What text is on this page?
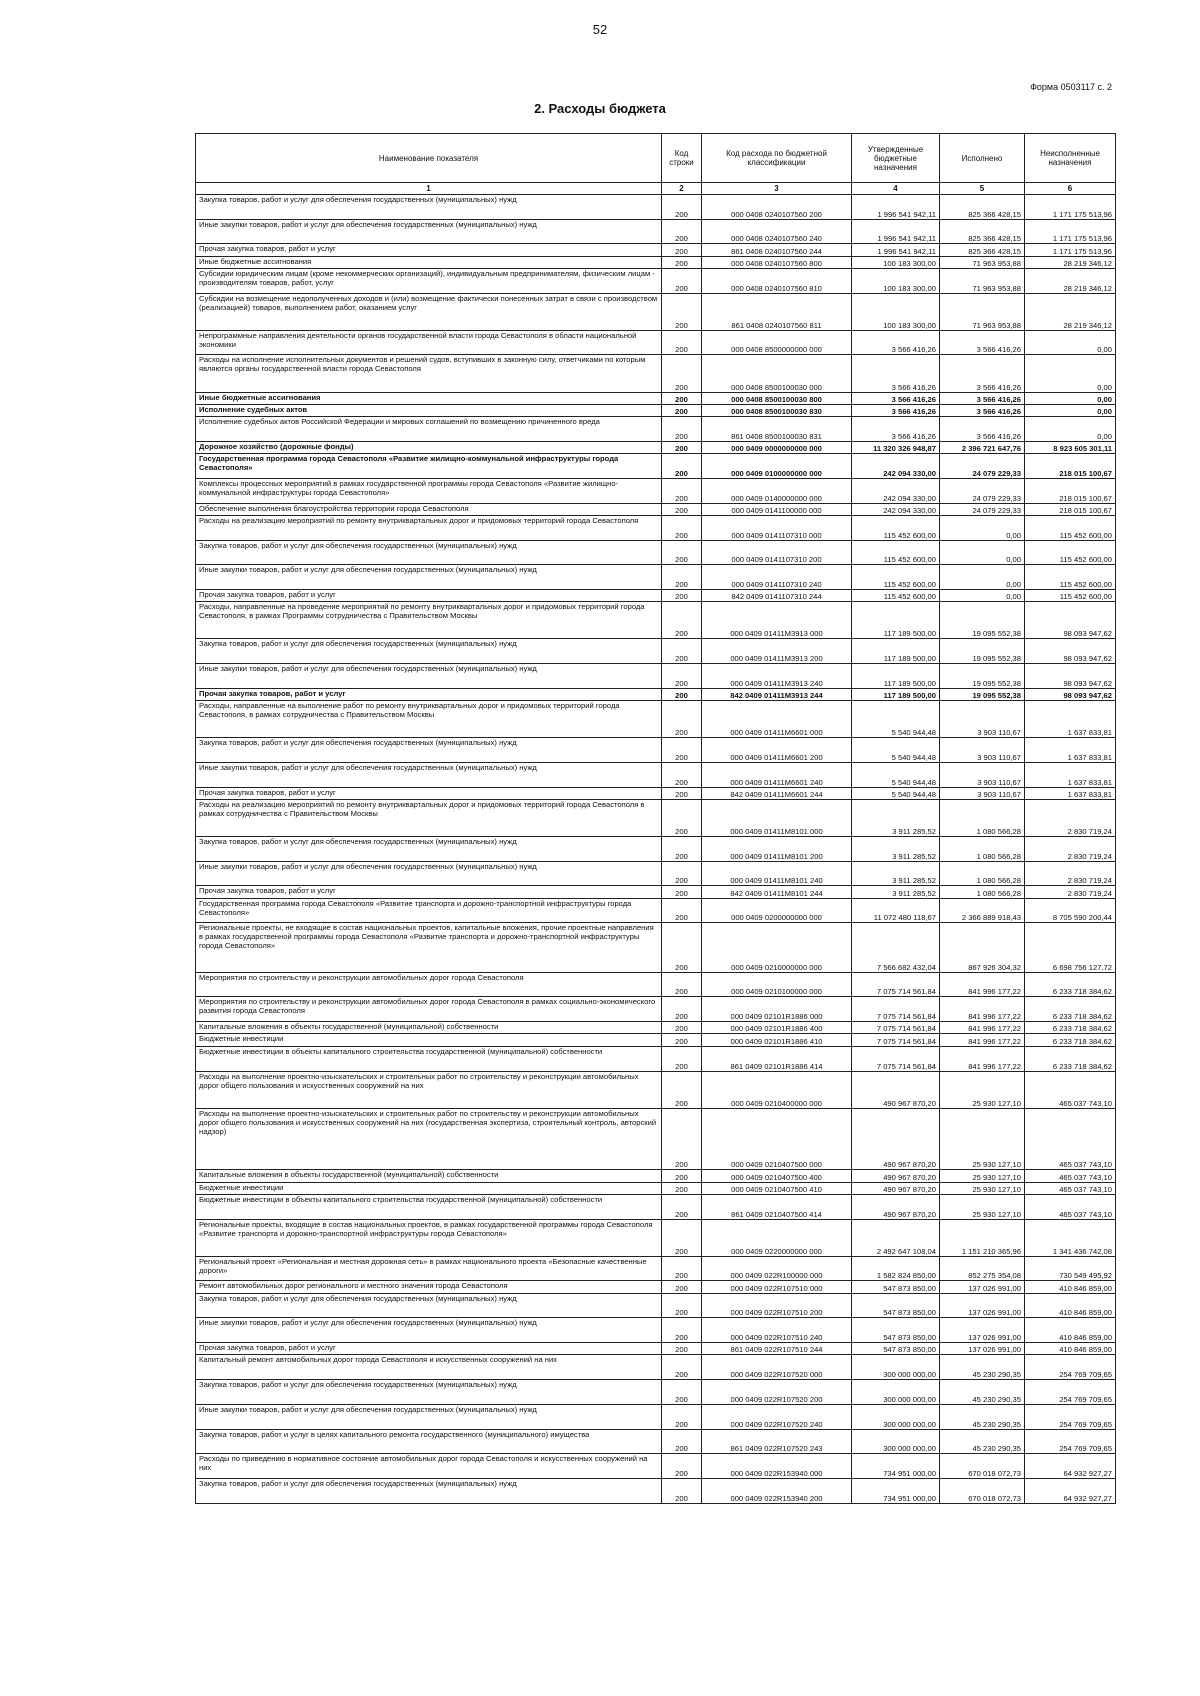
52
Форма 0503117 с. 2
2. Расходы бюджета
Наименование показателя	Код строки	Код расхода по бюджетной классификации	Утвержденные бюджетные назначения	Исполнено	Неисполненные назначения
1	2	3	4	5	6
Закупка товаров, работ и услуг для обеспечения государственных (муниципальных) нужд	200	000 0408 0240107560 200	1 996 541 942,11	825 366 428,15	1 171 175 513,96
Иные закупки товаров, работ и услуг для обеспечения государственных (муниципальных) нужд	200	000 0408 0240107560 240	1 996 541 942,11	825 366 428,15	1 171 175 513,96
Прочая закупка товаров, работ и услуг	200	861 0408 0240107560 244	1 996 541 942,11	825 366 428,15	1 171 175 513,96
Иные бюджетные ассигнования	200	000 0408 0240107560 800	100 183 300,00	71 963 953,88	28 219 346,12
Субсидии юридическим лицам (кроме некоммерческих организаций), индивидуальным предпринимателям, физическим лицам - производителям товаров, работ, услуг	200	000 0408 0240107560 810	100 183 300,00	71 963 953,88	28 219 346,12
Субсидии на возмещение недополученных доходов и (или) возмещение фактически понесенных затрат в связи с производством (реализацией) товаров, выполнением работ, оказанием услуг	200	861 0408 0240107560 811	100 183 300,00	71 963 953,88	28 219 346,12
Непрограммные направления деятельности органов государственной власти города Севастополя в области национальной экономики	200	000 0408 8500000000 000	3 566 416,26	3 566 416,26	0,00
Расходы на исполнение исполнительных документов и решений судов, вступивших в законную силу, ответчиками по которым являются органы государственной власти города Севастополя	200	000 0408 8500100030 000	3 566 416,26	3 566 416,26	0,00
Иные бюджетные ассигнования	200	000 0408 8500100030 800	3 566 416,26	3 566 416,26	0,00
Исполнение судебных актов	200	000 0408 8500100030 830	3 566 416,26	3 566 416,26	0,00
Исполнение судебных актов Российской Федерации и мировых соглашений по возмещению причиненного вреда	200	861 0408 8500100030 831	3 566 416,26	3 566 416,26	0,00
Дорожное хозяйство (дорожные фонды)	200	000 0409 0000000000 000	11 320 326 948,87	2 396 721 647,76	8 923 605 301,11
Государственная программа города Севастополя «Развитие жилищно-коммунальной инфраструктуры города Севастополя»	200	000 0409 0100000000 000	242 094 330,00	24 079 229,33	218 015 100,67
Комплексы процессных мероприятий в рамках государственной программы города Севастополя «Развитие жилищно-коммунальной инфраструктуры города Севастополя»	200	000 0409 0140000000 000	242 094 330,00	24 079 229,33	218 015 100,67
Обеспечение выполнения благоустройства территории города Севастополя	200	000 0409 0141100000 000	242 094 330,00	24 079 229,33	218 015 100,67
Расходы на реализацию мероприятий по ремонту внутриквартальных дорог и придомовых территорий города Севастополя	200	000 0409 0141107310 000	115 452 600,00	0,00	115 452 600,00
Закупка товаров, работ и услуг для обеспечения государственных (муниципальных) нужд	200	000 0409 0141107310 200	115 452 600,00	0,00	115 452 600,00
Иные закупки товаров, работ и услуг для обеспечения государственных (муниципальных) нужд	200	000 0409 0141107310 240	115 452 600,00	0,00	115 452 600,00
Прочая закупка товаров, работ и услуг	200	842 0409 0141107310 244	115 452 600,00	0,00	115 452 600,00
Расходы, направленные на проведение мероприятий по ремонту внутриквартальных дорог и придомовых территорий города Севастополя, в рамках Программы сотрудничества с Правительством Москвы	200	000 0409 01411M3913 000	117 189 500,00	19 095 552,38	98 093 947,62
Закупка товаров, работ и услуг для обеспечения государственных (муниципальных) нужд	200	000 0409 01411M3913 200	117 189 500,00	19 095 552,38	98 093 947,62
Иные закупки товаров, работ и услуг для обеспечения государственных (муниципальных) нужд	200	000 0409 01411M3913 240	117 189 500,00	19 095 552,38	98 093 947,62
Прочая закупка товаров, работ и услуг	200	842 0409 01411M3913 244	117 189 500,00	19 095 552,38	98 093 947,62
Расходы, направленные на выполнение работ по ремонту внутриквартальных дорог и придомовых территорий города Севастополя, в рамках сотрудничества с Правительством Москвы	200	000 0409 01411M6601 000	5 540 944,48	3 903 110,67	1 637 833,81
Закупка товаров, работ и услуг для обеспечения государственных (муниципальных) нужд	200	000 0409 01411M6601 200	5 540 944,48	3 903 110,67	1 637 833,81
Иные закупки товаров, работ и услуг для обеспечения государственных (муниципальных) нужд	200	000 0409 01411M6601 240	5 540 944,48	3 903 110,67	1 637 833,81
Прочая закупка товаров, работ и услуг	200	842 0409 01411M6601 244	5 540 944,48	3 903 110,67	1 637 833,81
Расходы на реализацию мероприятий по ремонту внутриквартальных дорог и придомовых территорий города Севастополя в рамках сотрудничества с Правительством Москвы	200	000 0409 01411M8101 000	3 911 285,52	1 080 566,28	2 830 719,24
Закупка товаров, работ и услуг для обеспечения государственных (муниципальных) нужд	200	000 0409 01411M8101 200	3 911 285,52	1 080 566,28	2 830 719,24
Иные закупки товаров, работ и услуг для обеспечения государственных (муниципальных) нужд	200	000 0409 01411M8101 240	3 911 285,52	1 080 566,28	2 830 719,24
Прочая закупка товаров, работ и услуг	200	842 0409 01411M8101 244	3 911 285,52	1 080 566,28	2 830 719,24
Государственная программа города Севастополя «Развитие транспорта и дорожно-транспортной инфраструктуры города Севастополя»	200	000 0409 0200000000 000	11 072 480 118,67	2 366 889 918,43	8 705 590 200,44
Региональные проекты, не входящие в состав национальных проектов, капитальные вложения, прочие проектные направления в рамках государственной программы города Севастополя «Развитие транспорта и дорожно-транспортной инфраструктуры города Севастополя»	200	000 0409 0210000000 000	7 566 682 432,04	867 926 304,32	6 698 756 127,72
Мероприятия по строительству и реконструкции автомобильных дорог города Севастополя	200	000 0409 0210100000 000	7 075 714 561,84	841 996 177,22	6 233 718 384,62
Мероприятия по строительству и реконструкции автомобильных дорог города Севастополя в рамках социально-экономического развития города Севастополя	200	000 0409 02101R1886 000	7 075 714 561,84	841 996 177,22	6 233 718 384,62
Капитальные вложения в объекты государственной (муниципальной) собственности	200	000 0409 02101R1886 400	7 075 714 561,84	841 996 177,22	6 233 718 384,62
Бюджетные инвестиции	200	000 0409 02101R1886 410	7 075 714 561,84	841 996 177,22	6 233 718 384,62
Бюджетные инвестиции в объекты капитального строительства государственной (муниципальной) собственности	200	861 0409 02101R1886 414	7 075 714 561,84	841 996 177,22	6 233 718 384,62
Расходы на выполнение проектно-изыскательских и строительных работ по строительству и реконструкции автомобильных дорог общего пользования и искусственных сооружений на них	200	000 0409 0210400000 000	490 967 870,20	25 930 127,10	465 037 743,10
Расходы на выполнение проектно-изыскательских и строительных работ по строительству и реконструкции автомобильных дорог общего пользования и искусственных сооружений на них (государственная экспертиза, строительный контроль, авторский надзор)	200	000 0409 0210407500 000	490 967 870,20	25 930 127,10	465 037 743,10
Капитальные вложения в объекты государственной (муниципальной) собственности	200	000 0409 0210407500 400	490 967 870,20	25 930 127,10	465 037 743,10
Бюджетные инвестиции	200	000 0409 0210407500 410	490 967 870,20	25 930 127,10	465 037 743,10
Бюджетные инвестиции в объекты капитального строительства государственной (муниципальной) собственности	200	861 0409 0210407500 414	490 967 870,20	25 930 127,10	465 037 743,10
Региональные проекты, входящие в состав национальных проектов, в рамках государственной программы города Севастополя «Развитие транспорта и дорожно-транспортной инфраструктуры города Севастополя»	200	000 0409 0220000000 000	2 492 647 108,04	1 151 210 365,96	1 341 436 742,08
Региональный проект «Региональная и местная дорожная сеть» в рамках национального проекта «Безопасные качественные дороги»	200	000 0409 022R100000 000	1 582 824 850,00	852 275 354,08	730 549 495,92
Ремонт автомобильных дорог регионального и местного значения города Севастополя	200	000 0409 022R107510 000	547 873 850,00	137 026 991,00	410 846 859,00
Закупка товаров, работ и услуг для обеспечения государственных (муниципальных) нужд	200	000 0409 022R107510 200	547 873 850,00	137 026 991,00	410 846 859,00
Иные закупки товаров, работ и услуг для обеспечения государственных (муниципальных) нужд	200	000 0409 022R107510 240	547 873 850,00	137 026 991,00	410 846 859,00
Прочая закупка товаров, работ и услуг	200	861 0409 022R107510 244	547 873 850,00	137 026 991,00	410 846 859,00
Капитальный ремонт автомобильных дорог города Севастополя и искусственных сооружений на них	200	000 0409 022R107520 000	300 000 000,00	45 230 290,35	254 769 709,65
Закупка товаров, работ и услуг для обеспечения государственных (муниципальных) нужд	200	000 0409 022R107520 200	300 000 000,00	45 230 290,35	254 769 709,65
Иные закупки товаров, работ и услуг для обеспечения государственных (муниципальных) нужд	200	000 0409 022R107520 240	300 000 000,00	45 230 290,35	254 769 709,65
Закупка товаров, работ и услуг в целях капитального ремонта государственного (муниципального) имущества	200	861 0409 022R107520 243	300 000 000,00	45 230 290,35	254 769 709,65
Расходы по приведению в нормативное состояние автомобильных дорог города Севастополя и искусственных сооружений на них	200	000 0409 022R153940 000	734 951 000,00	670 018 072,73	64 932 927,27
Закупка товаров, работ и услуг для обеспечения государственных (муниципальных) нужд	200	000 0409 022R153940 200	734 951 000,00	670 018 072,73	64 932 927,27
